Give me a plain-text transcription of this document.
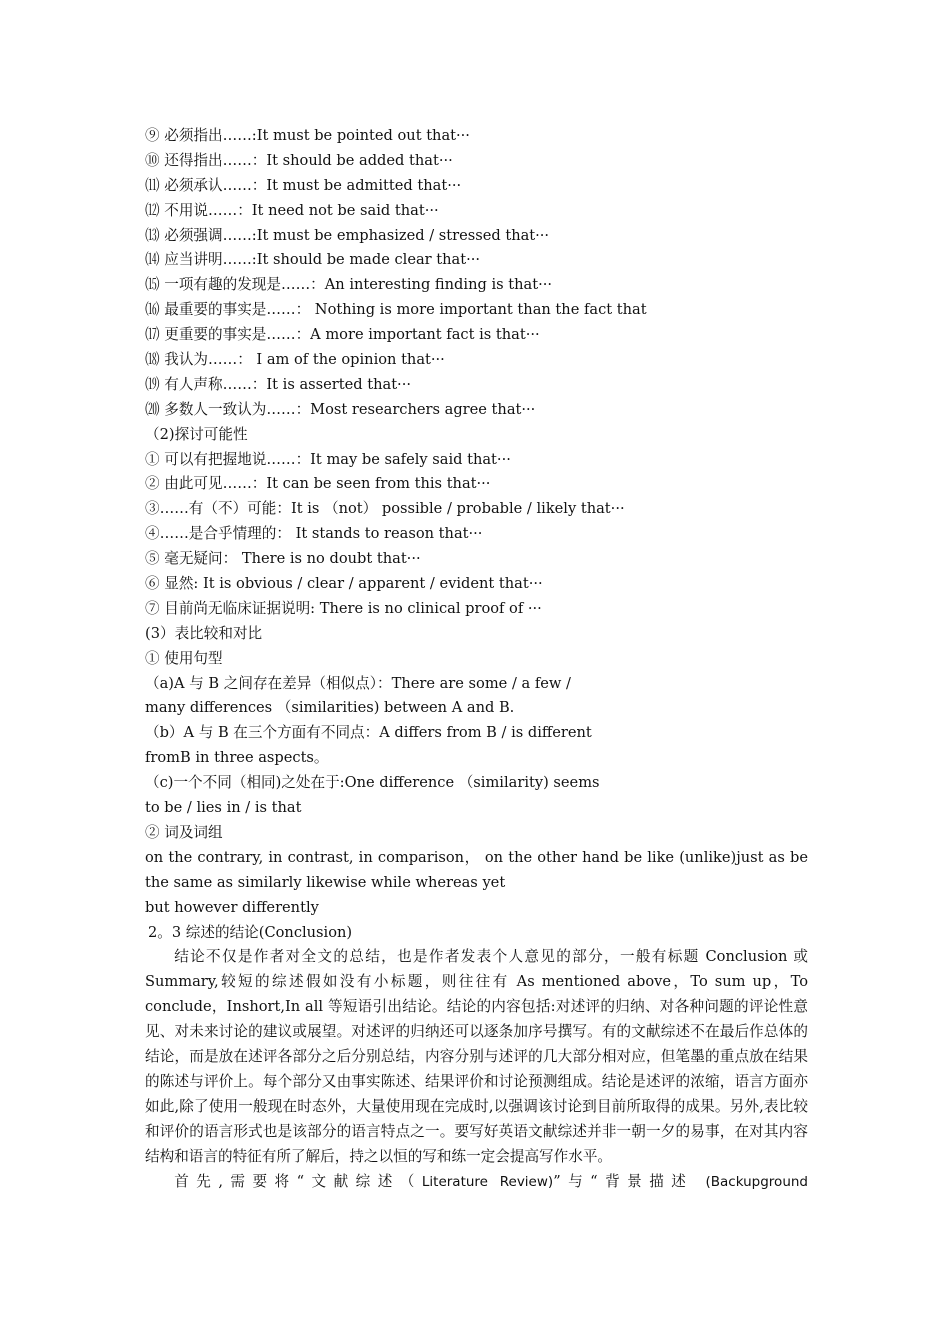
⑨ 必须指出……:It must be pointed out that···
⑩ 还得指出……：It should be added that···
⑾ 必须承认……：It must be admitted that···
⑿ 不用说……：It need not be said that···
⒀ 必须强调……:It must be emphasized / stressed that···
⒁ 应当讲明……:It should be made clear that···
⒂ 一项有趣的发现是……：An interesting finding is that···
⒃ 最重要的事实是……： Nothing is more important than the fact that
⒄ 更重要的事实是……：A more important fact is that···
⒅ 我认为……： I am of the opinion that···
⒆ 有人声称……：It is asserted that···
⒇ 多数人一致认为……：Most researchers agree that···
（2)探讨可能性
① 可以有把握地说……：It may be safely said that···
② 由此可见……：It can be seen from this that···
③……有（不）可能：It is （not） possible / probable / likely that···
④……是合乎情理的： It stands to reason that···
⑤ 毫无疑问： There is no doubt that···
⑥ 显然: It is obvious / clear / apparent / evident that···
⑦ 目前尚无临床证据说明: There is no clinical proof of ···
(3）表比较和对比
① 使用句型
（a)A 与 B 之间存在差异（相似点）：There are some / a few /
many differences （similarities) between A and B.
（b）A 与 B 在三个方面有不同点：A differs from B / is different
fromB in three aspects。
（c)一个不同（相同)之处在于:One difference （similarity) seems
to be / lies in / is that
② 词及词组
on the contrary, in contrast, in comparison， on the other hand be like (unlike)just as be
the same as similarly likewise while whereas yet
but however differently
2。3 综述的结论(Conclusion)
结论不仅是作者对全文的总结，也是作者发表个人意见的部分，一般有标题 Conclusion 或 Summary,较短的综述假如没有小标题，则往往有 As mentioned above，To sum up，To conclude，Inshort,In all 等短语引出结论。结论的内容包括:对述评的归纳、对各种问题的评论性意见、对未来讨论的建议或展望。对述评的归纳还可以逐条加序号撰写。有的文献综述不在最后作总体的结论，而是放在述评各部分之后分别总结，内容分别与述评的几大部分相对应，但笔墨的重点放在结果的陈述与评价上。每个部分又由事实陈述、结果评价和讨论预测组成。结论是述评的浓缩，语言方面亦如此,除了使用一般现在时态外，大量使用现在完成时,以强调该讨论到目前所取得的成果。另外,表比较和评价的语言形式也是该部分的语言特点之一。要写好英语文献综述并非一朝一夕的易事，在对其内容结构和语言的特征有所了解后，持之以恒的写和练一定会提高写作水平。
首先,需要将“文献综述（Literature Review)”与“背景描述 (Backupground
